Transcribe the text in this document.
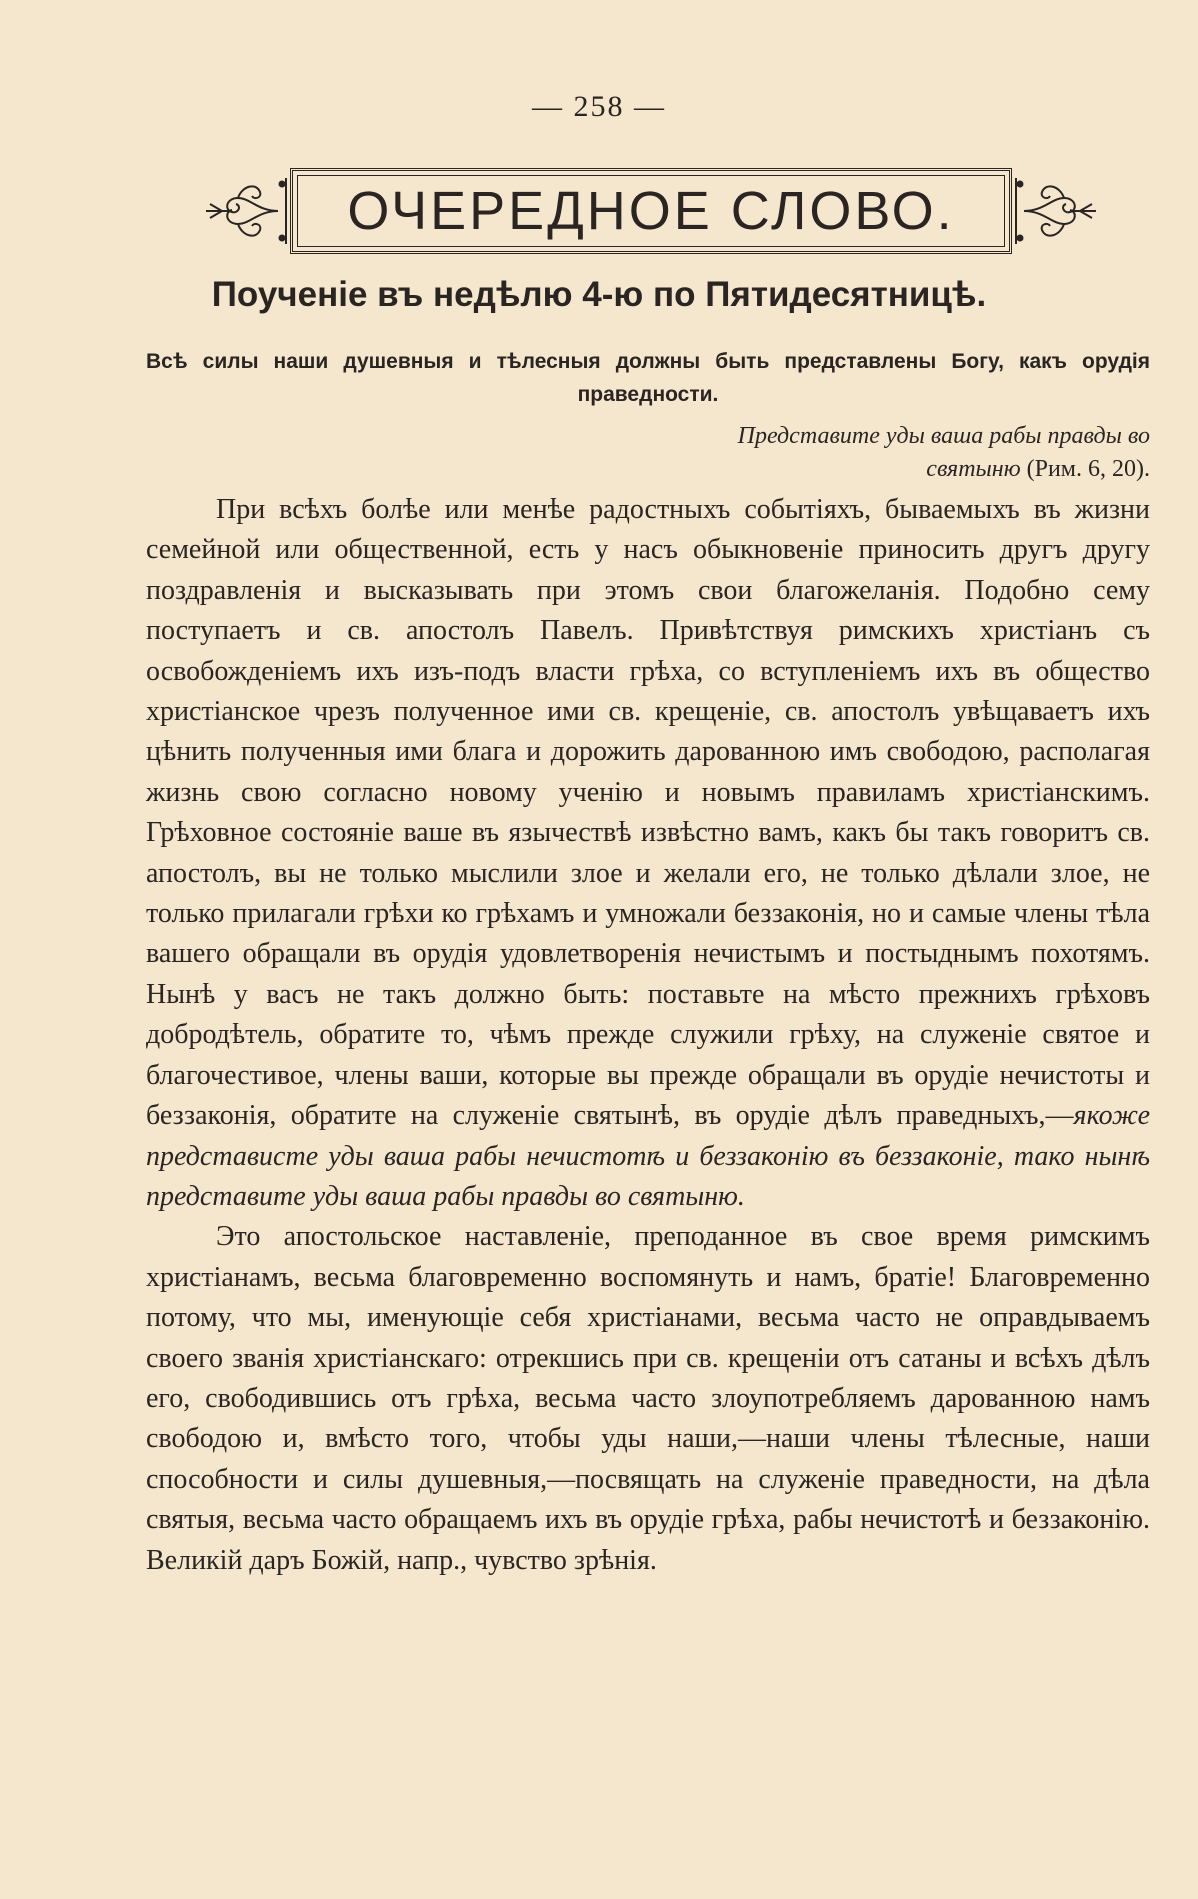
— 258 —
ОЧЕРЕДНОЕ СЛОВО.
Поученіе въ недѣлю 4-ю по Пятидесятницѣ.
Всѣ силы наши душевныя и тѣлесныя должны быть представлены Богу, какъ орудія праведности.
Представите уды ваша рабы правды во святыню (Рим. 6, 20).

При всѣхъ болѣе или менѣе радостныхъ событіяхъ, бываемыхъ въ жизни семейной или общественной, есть у насъ обыкновеніе приносить другъ другу поздравленія и высказывать при этомъ свои благожеланія. Подобно сему поступаетъ и св. апостолъ Павелъ. Привѣтствуя римскихъ христіанъ съ освобожденіемъ ихъ изъ-подъ власти грѣха, со вступленіемъ ихъ въ общество христіанское чрезъ полученное ими св. крещеніе, св. апостолъ увѣщаваетъ ихъ цѣнить полученныя ими блага и дорожить дарованною имъ свободою, располагая жизнь свою согласно новому ученію и новымъ правиламъ христіанскимъ. Грѣховное состояніе ваше въ язычествѣ извѣстно вамъ, какъ бы такъ говоритъ св. апостолъ, вы не только мыслили злое и желали его, не только дѣлали злое, не только прилагали грѣхи ко грѣхамъ и умножали беззаконія, но и самые члены тѣла вашего обращали въ орудія удовлетворенія нечистымъ и постыднымъ похотямъ. Нынѣ у васъ не такъ должно быть: поставьте на мѣсто прежнихъ грѣховъ добродѣтель, обратите то, чѣмъ прежде служили грѣху, на служеніе святое и благочестивое, члены ваши, которые вы прежде обращали въ орудіе нечистоты и беззаконія, обратите на служеніе святынѣ, въ орудіе дѣлъ праведныхъ,—якоже представисте уды ваша рабы нечистотѣ и беззаконію въ беззаконіе, тако нынѣ представите уды ваша рабы правды во святыню.

Это апостольское наставленіе, преподанное въ свое время римскимъ христіанамъ, весьма благовременно воспомянуть и намъ, братіе! Благовременно потому, что мы, именующіе себя христіанами, весьма часто не оправдываемъ своего званія христіанскаго: отрекшись при св. крещеніи отъ сатаны и всѣхъ дѣлъ его, свободившись отъ грѣха, весьма часто злоупотребляемъ дарованною намъ свободою и, вмѣсто того, чтобы уды наши,—наши члены тѣлесные, наши способности и силы душевныя,—посвящать на служеніе праведности, на дѣла святыя, весьма часто обращаемъ ихъ въ орудіе грѣха, рабы нечистотѣ и беззаконію. Великій даръ Божій, напр., чувство зрѣнія.
